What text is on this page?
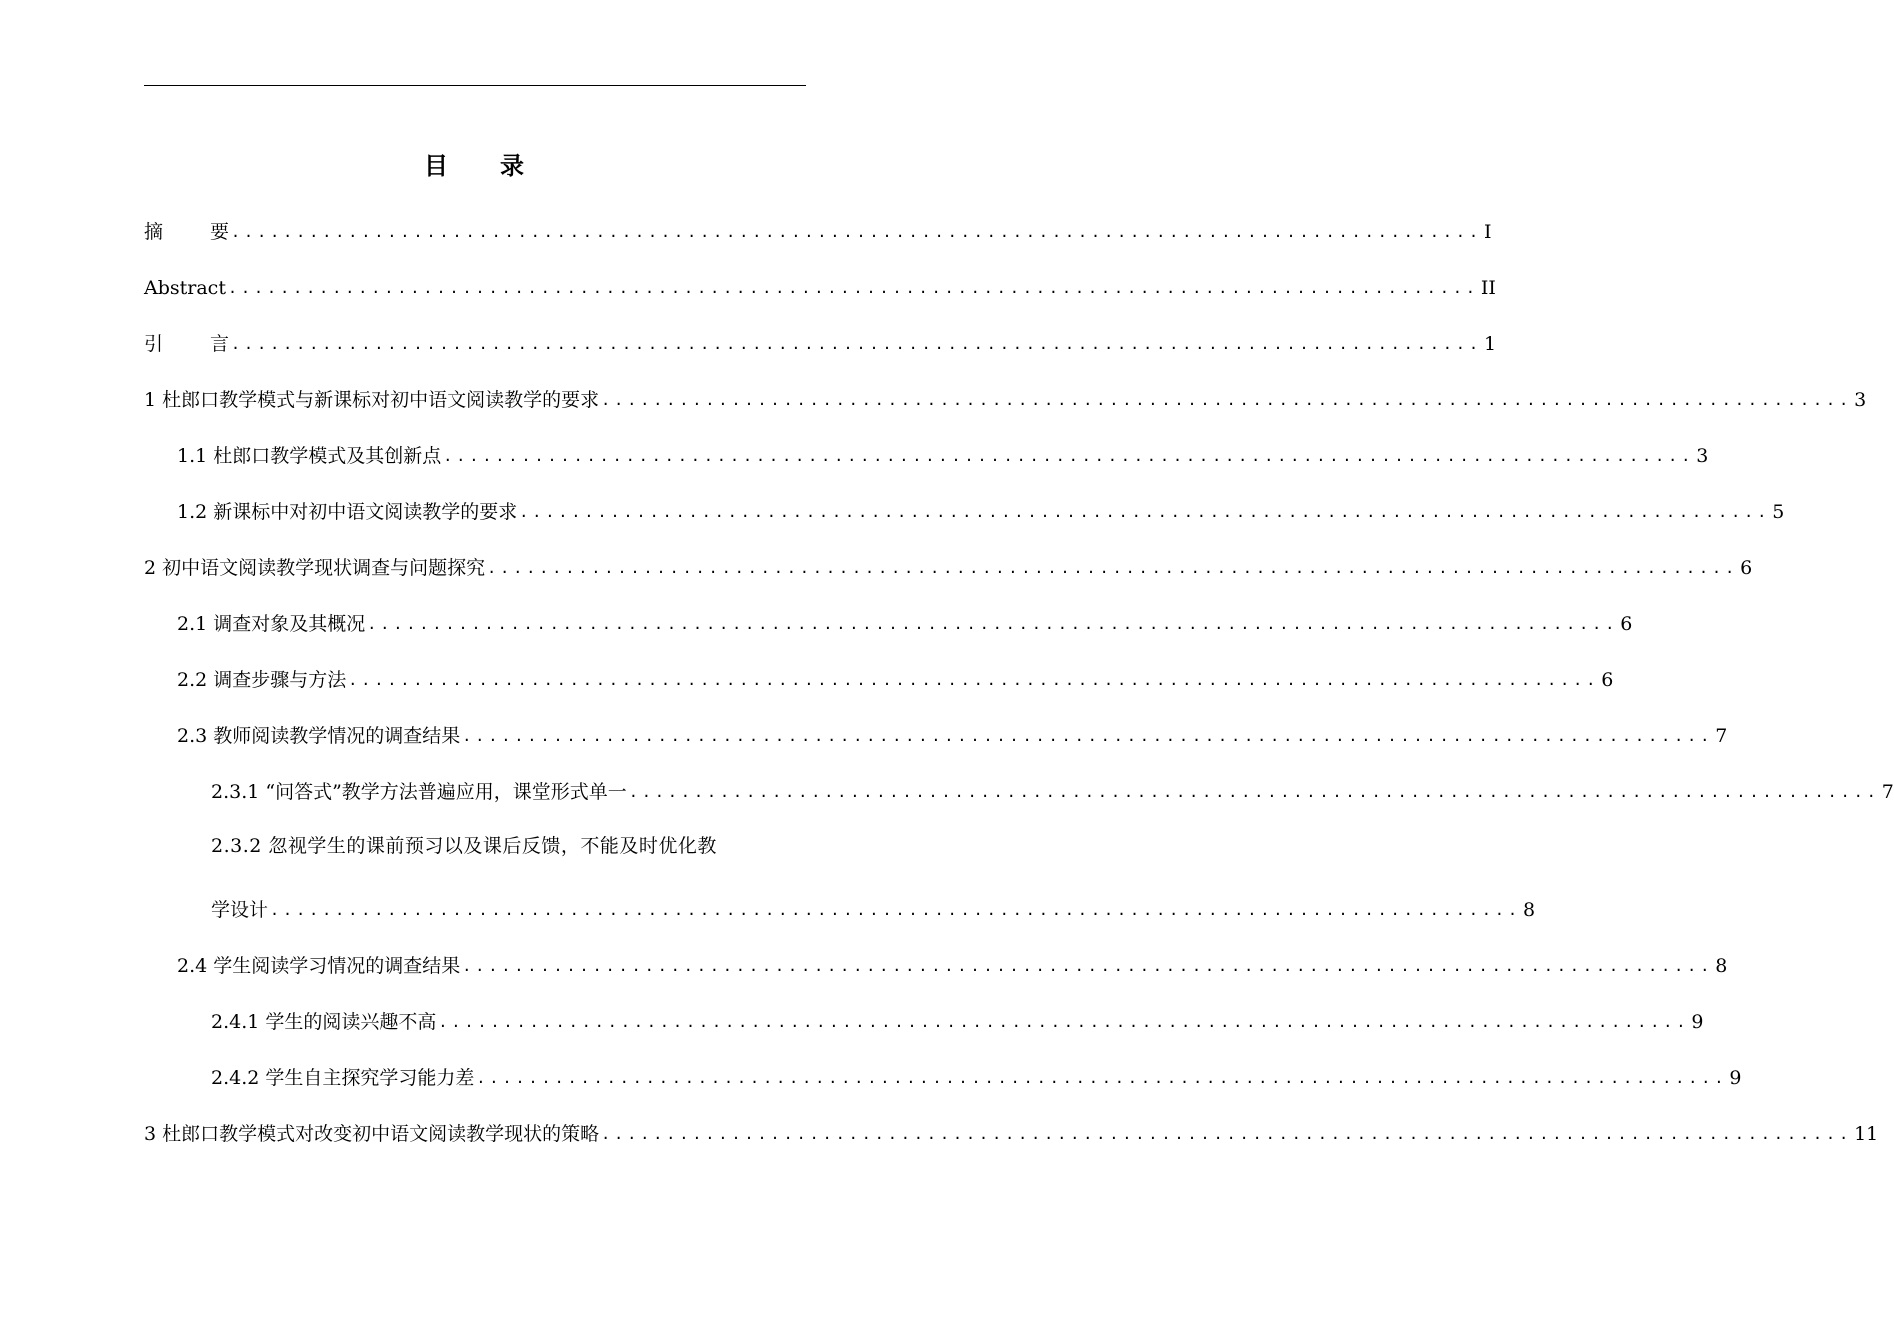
目 录
摘 要 ................................................................................................ I
Abstract ................................................................................................ II
引 言 ................................................................................................ 1
1 杜郎口教学模式与新课标对初中语文阅读教学的要求 ................................................................................................ 3
1.1 杜郎口教学模式及其创新点 ................................................................................................ 3
1.2 新课标中对初中语文阅读教学的要求 ................................................................................................ 5
2 初中语文阅读教学现状调查与问题探究 ................................................................................................ 6
2.1 调查对象及其概况 ................................................................................................ 6
2.2 调查步骤与方法 ................................................................................................ 6
2.3 教师阅读教学情况的调查结果 ................................................................................................ 7
2.3.1 “问答式”教学方法普遍应用，课堂形式单一 ................................................................................................ 7
2.3.2 忽视学生的课前预习以及课后反馈，不能及时优化教
学设计 ................................................................................................ 8
2.4 学生阅读学习情况的调查结果 ................................................................................................ 8
2.4.1 学生的阅读兴趣不高 ................................................................................................ 9
2.4.2 学生自主探究学习能力差 ................................................................................................ 9
3 杜郎口教学模式对改变初中语文阅读教学现状的策略 ................................................................................................ 11
